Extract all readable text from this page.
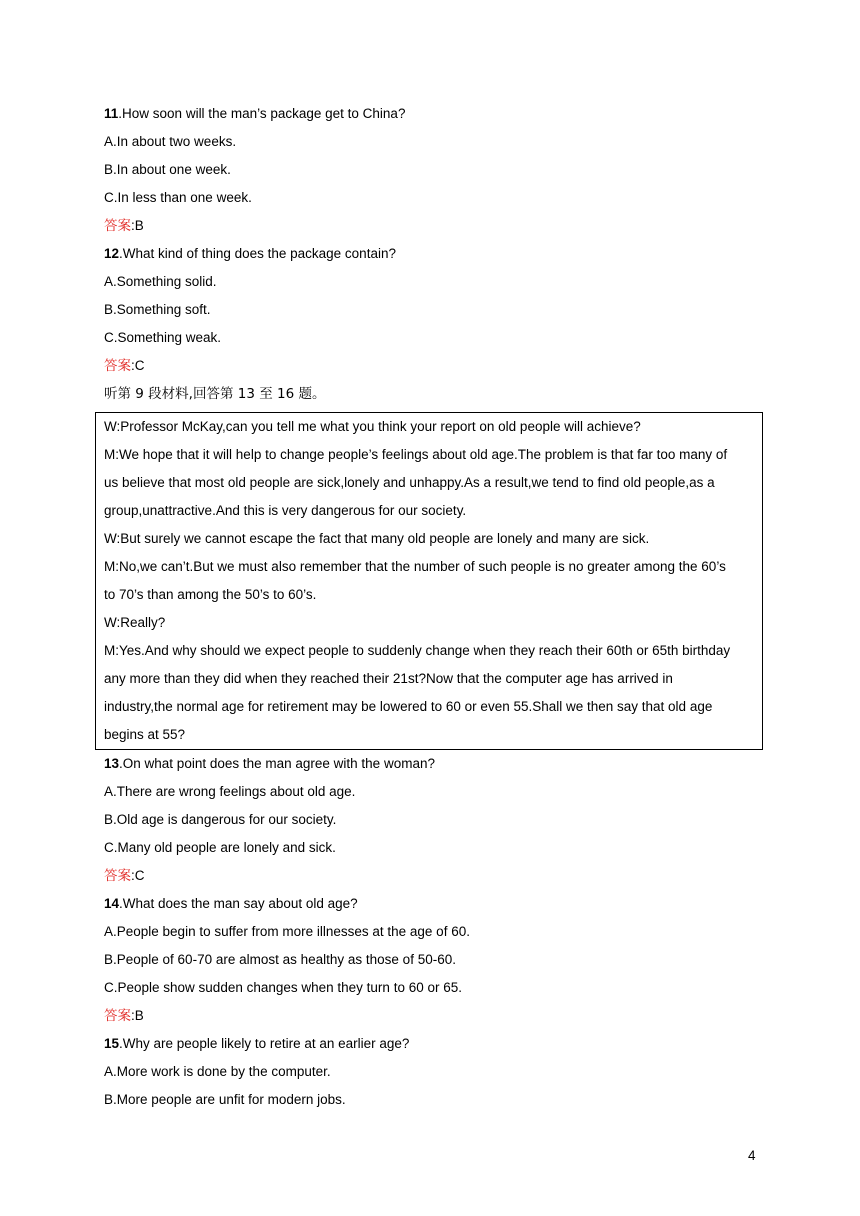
11.How soon will the man’s package get to China?
A.In about two weeks.
B.In about one week.
C.In less than one week.
答案:B
12.What kind of thing does the package contain?
A.Something solid.
B.Something soft.
C.Something weak.
答案:C
听第 9 段材料,回答第 13 至 16 题。
W:Professor McKay,can you tell me what you think your report on old people will achieve?
M:We hope that it will help to change people’s feelings about old age.The problem is that far too many of
us believe that most old people are sick,lonely and unhappy.As a result,we tend to find old people,as a
group,unattractive.And this is very dangerous for our society.
W:But surely we cannot escape the fact that many old people are lonely and many are sick.
M:No,we can’t.But we must also remember that the number of such people is no greater among the 60’s
to 70’s than among the 50’s to 60’s.
W:Really?
M:Yes.And why should we expect people to suddenly change when they reach their 60th or 65th birthday
any more than they did when they reached their 21st?Now that the computer age has arrived in
industry,the normal age for retirement may be lowered to 60 or even 55.Shall we then say that old age
begins at 55?
13.On what point does the man agree with the woman?
A.There are wrong feelings about old age.
B.Old age is dangerous for our society.
C.Many old people are lonely and sick.
答案:C
14.What does the man say about old age?
A.People begin to suffer from more illnesses at the age of 60.
B.People of 60-70 are almost as healthy as those of 50-60.
C.People show sudden changes when they turn to 60 or 65.
答案:B
15.Why are people likely to retire at an earlier age?
A.More work is done by the computer.
B.More people are unfit for modern jobs.
4
